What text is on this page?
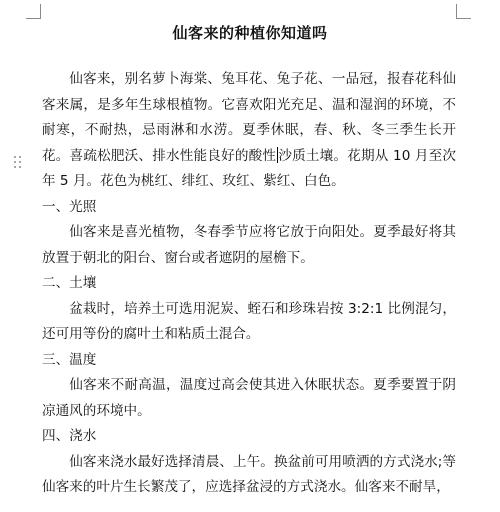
仙客来的种植你知道吗

仙客来，别名萝卜海棠、兔耳花、兔子花、一品冠，报春花科仙客来属，是多年生球根植物。它喜欢阳光充足、温和湿润的环境，不耐寒，不耐热，忌雨淋和水涝。夏季休眠，春、秋、冬三季生长开花。喜疏松肥沃、排水性能良好的酸性 沙质土壤。花期从 10 月至次年 5 月。花色为桃红、绯红、玫红、紫红、白色。

一、光照

仙客来是喜光植物，冬春季节应将它放于向阳处。夏季最好将其放置于朝北的阳台、窗台或者遮阴的屋檐下。

二、土壤

盆栽时，培养土可选用泥炭、蛭石和珍珠岩按 3:2:1 比例混匀，还可用等份的腐叶土和粘质土混合。

三、温度

仙客来不耐高温，温度过高会使其进入休眠状态。夏季要置于阴凉通风的环境中。

四、浇水

仙客来浇水最好选择清晨、上午。换盆前可用喷洒的方式浇水;等仙客来的叶片生长繁茂了，应选择盆浸的方式浇水。仙客来不耐旱，
